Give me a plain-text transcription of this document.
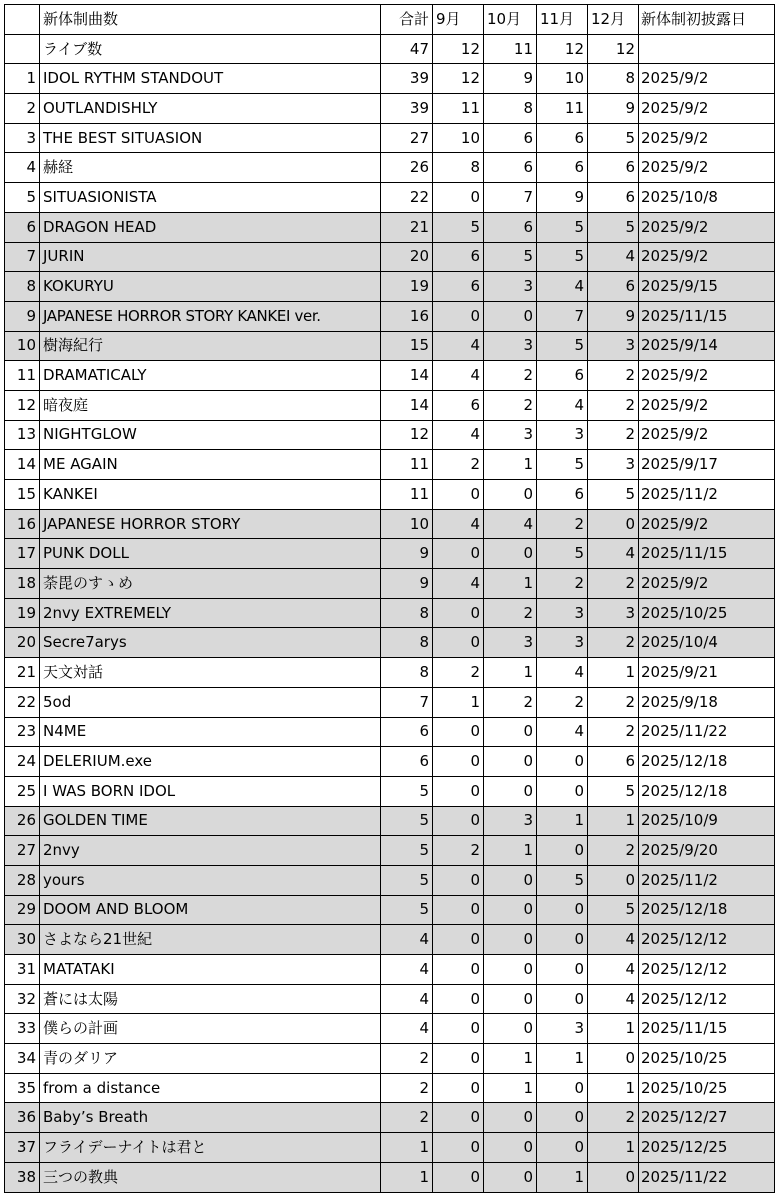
	新体制曲数	合計	9月	10月	11月	12月	新体制初披露日
	ライブ数	47	12	11	12	12	
1	IDOL RYTHM STANDOUT	39	12	9	10	8	2025/9/2
2	OUTLANDISHLY	39	11	8	11	9	2025/9/2
3	THE BEST SITUASION	27	10	6	6	5	2025/9/2
4	赫経	26	8	6	6	6	2025/9/2
5	SITUASIONISTA	22	0	7	9	6	2025/10/8
6	DRAGON HEAD	21	5	6	5	5	2025/9/2
7	JURIN	20	6	5	5	4	2025/9/2
8	KOKURYU	19	6	3	4	6	2025/9/15
9	JAPANESE HORROR STORY KANKEI ver.	16	0	0	7	9	2025/11/15
10	樹海紀行	15	4	3	5	3	2025/9/14
11	DRAMATICALY	14	4	2	6	2	2025/9/2
12	暗夜庭	14	6	2	4	2	2025/9/2
13	NIGHTGLOW	12	4	3	3	2	2025/9/2
14	ME AGAIN	11	2	1	5	3	2025/9/17
15	KANKEI	11	0	0	6	5	2025/11/2
16	JAPANESE HORROR STORY	10	4	4	2	0	2025/9/2
17	PUNK DOLL	9	0	0	5	4	2025/11/15
18	荼毘のすゝめ	9	4	1	2	2	2025/9/2
19	2nvy EXTREMELY	8	0	2	3	3	2025/10/25
20	Secre7arys	8	0	3	3	2	2025/10/4
21	天文対話	8	2	1	4	1	2025/9/21
22	5od	7	1	2	2	2	2025/9/18
23	N4ME	6	0	0	4	2	2025/11/22
24	DELERIUM.exe	6	0	0	0	6	2025/12/18
25	I WAS BORN IDOL	5	0	0	0	5	2025/12/18
26	GOLDEN TIME	5	0	3	1	1	2025/10/9
27	2nvy	5	2	1	0	2	2025/9/20
28	yours	5	0	0	5	0	2025/11/2
29	DOOM AND BLOOM	5	0	0	0	5	2025/12/18
30	さよなら21世紀	4	0	0	0	4	2025/12/12
31	MATATAKI	4	0	0	0	4	2025/12/12
32	蒼には太陽	4	0	0	0	4	2025/12/12
33	僕らの計画	4	0	0	3	1	2025/11/15
34	青のダリア	2	0	1	1	0	2025/10/25
35	from a distance	2	0	1	0	1	2025/10/25
36	Baby’s Breath	2	0	0	0	2	2025/12/27
37	フライデーナイトは君と	1	0	0	0	1	2025/12/25
38	三つの教典	1	0	0	1	0	2025/11/22
